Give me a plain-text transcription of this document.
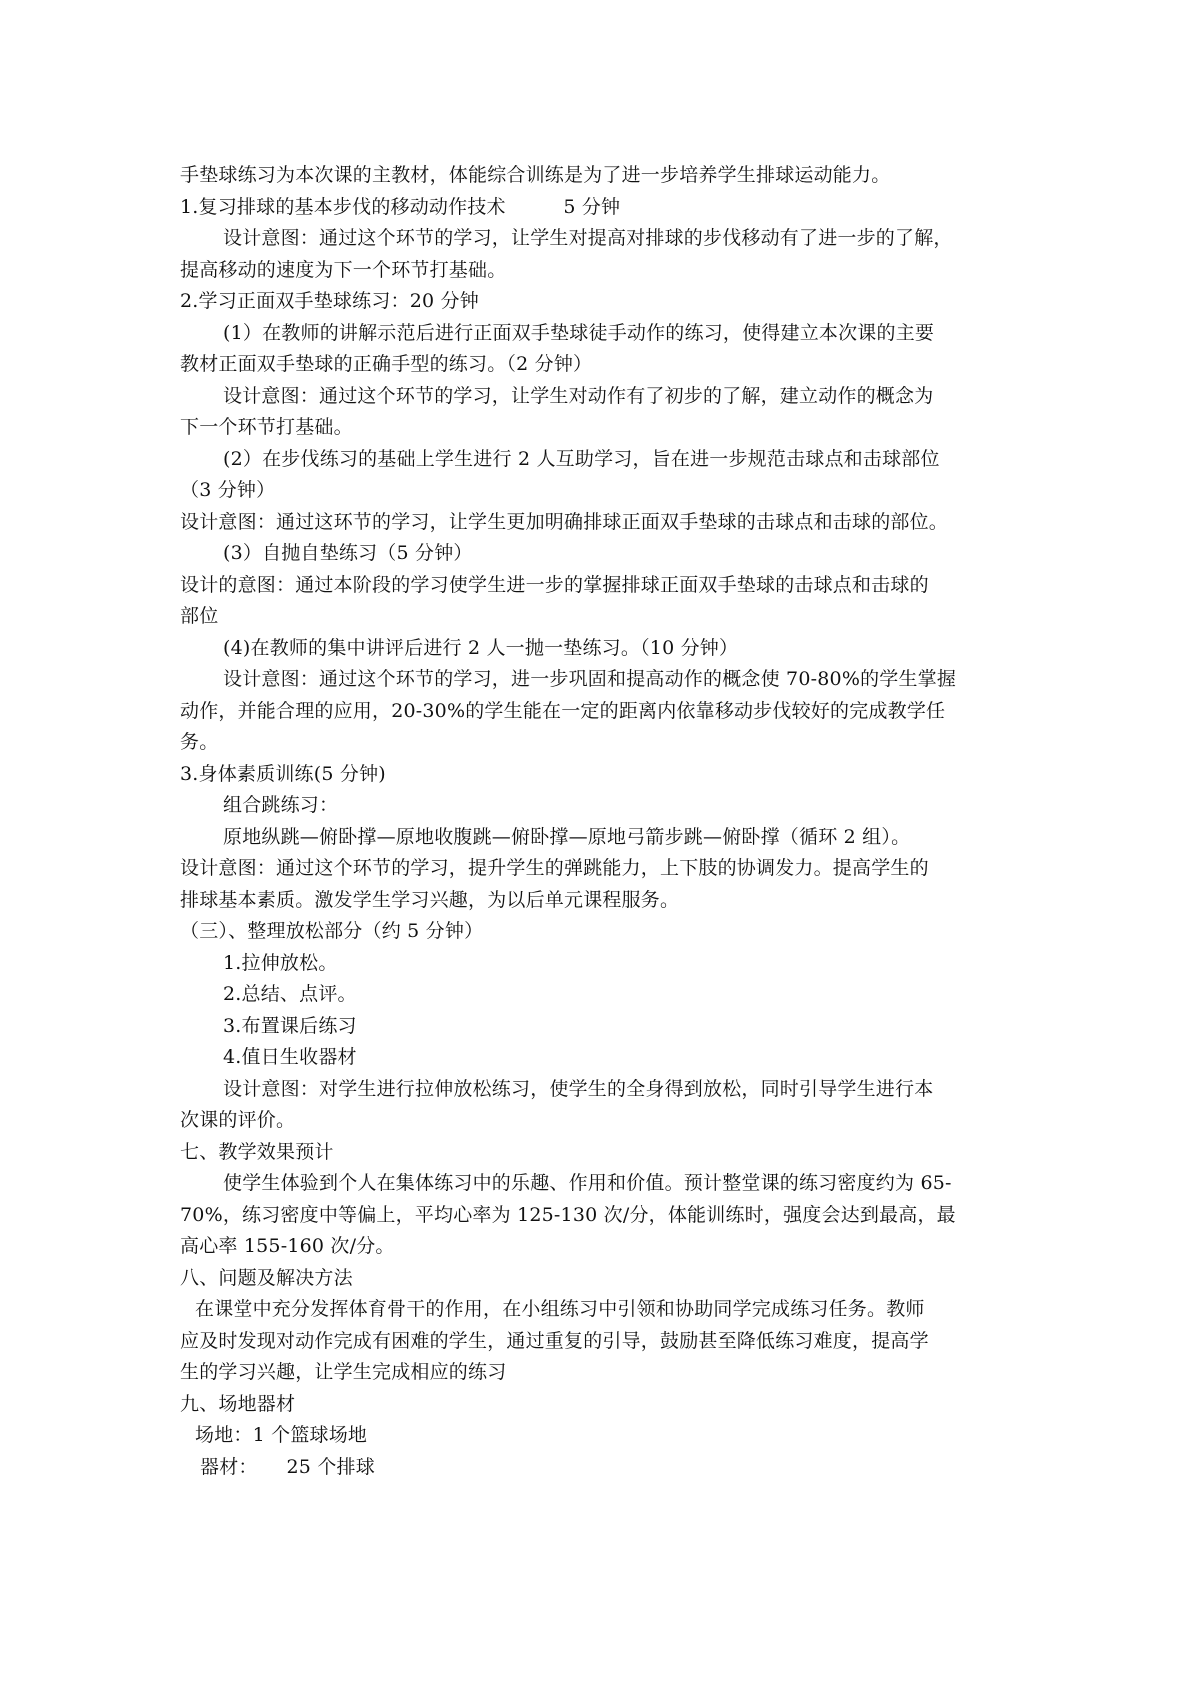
手垫球练习为本次课的主教材，体能综合训练是为了进一步培养学生排球运动能力。
1.复习排球的基本步伐的移动动作技术　　　5 分钟
设计意图：通过这个环节的学习，让学生对提高对排球的步伐移动有了进一步的了解，
提高移动的速度为下一个环节打基础。
2.学习正面双手垫球练习：20 分钟
(1）在教师的讲解示范后进行正面双手垫球徒手动作的练习，使得建立本次课的主要
教材正面双手垫球的正确手型的练习。（2 分钟）
设计意图：通过这个环节的学习，让学生对动作有了初步的了解，建立动作的概念为
下一个环节打基础。
(2）在步伐练习的基础上学生进行 2 人互助学习，旨在进一步规范击球点和击球部位
（3 分钟）
设计意图：通过这环节的学习，让学生更加明确排球正面双手垫球的击球点和击球的部位。
(3）自抛自垫练习（5 分钟）
设计的意图：通过本阶段的学习使学生进一步的掌握排球正面双手垫球的击球点和击球的
部位
(4)在教师的集中讲评后进行 2 人一抛一垫练习。（10 分钟）
设计意图：通过这个环节的学习，进一步巩固和提高动作的概念使 70-80%的学生掌握
动作，并能合理的应用，20-30%的学生能在一定的距离内依靠移动步伐较好的完成教学任
务。
3.身体素质训练(5 分钟)
组合跳练习：
原地纵跳—俯卧撑—原地收腹跳—俯卧撑—原地弓箭步跳—俯卧撑（循环 2 组）。
设计意图：通过这个环节的学习，提升学生的弹跳能力，上下肢的协调发力。提高学生的
排球基本素质。激发学生学习兴趣，为以后单元课程服务。
（三）、整理放松部分（约 5 分钟）
1.拉伸放松。
2.总结、点评。
3.布置课后练习
4.值日生收器材
设计意图：对学生进行拉伸放松练习，使学生的全身得到放松，同时引导学生进行本
次课的评价。
七、教学效果预计
使学生体验到个人在集体练习中的乐趣、作用和价值。预计整堂课的练习密度约为 65-
70%，练习密度中等偏上，平均心率为 125-130 次/分，体能训练时，强度会达到最高，最
高心率 155-160 次/分。
八、问题及解决方法
在课堂中充分发挥体育骨干的作用，在小组练习中引领和协助同学完成练习任务。教师
应及时发现对动作完成有困难的学生，通过重复的引导，鼓励甚至降低练习难度，提高学
生的学习兴趣，让学生完成相应的练习
九、场地器材
场地：1 个篮球场地
器材：　　25 个排球
